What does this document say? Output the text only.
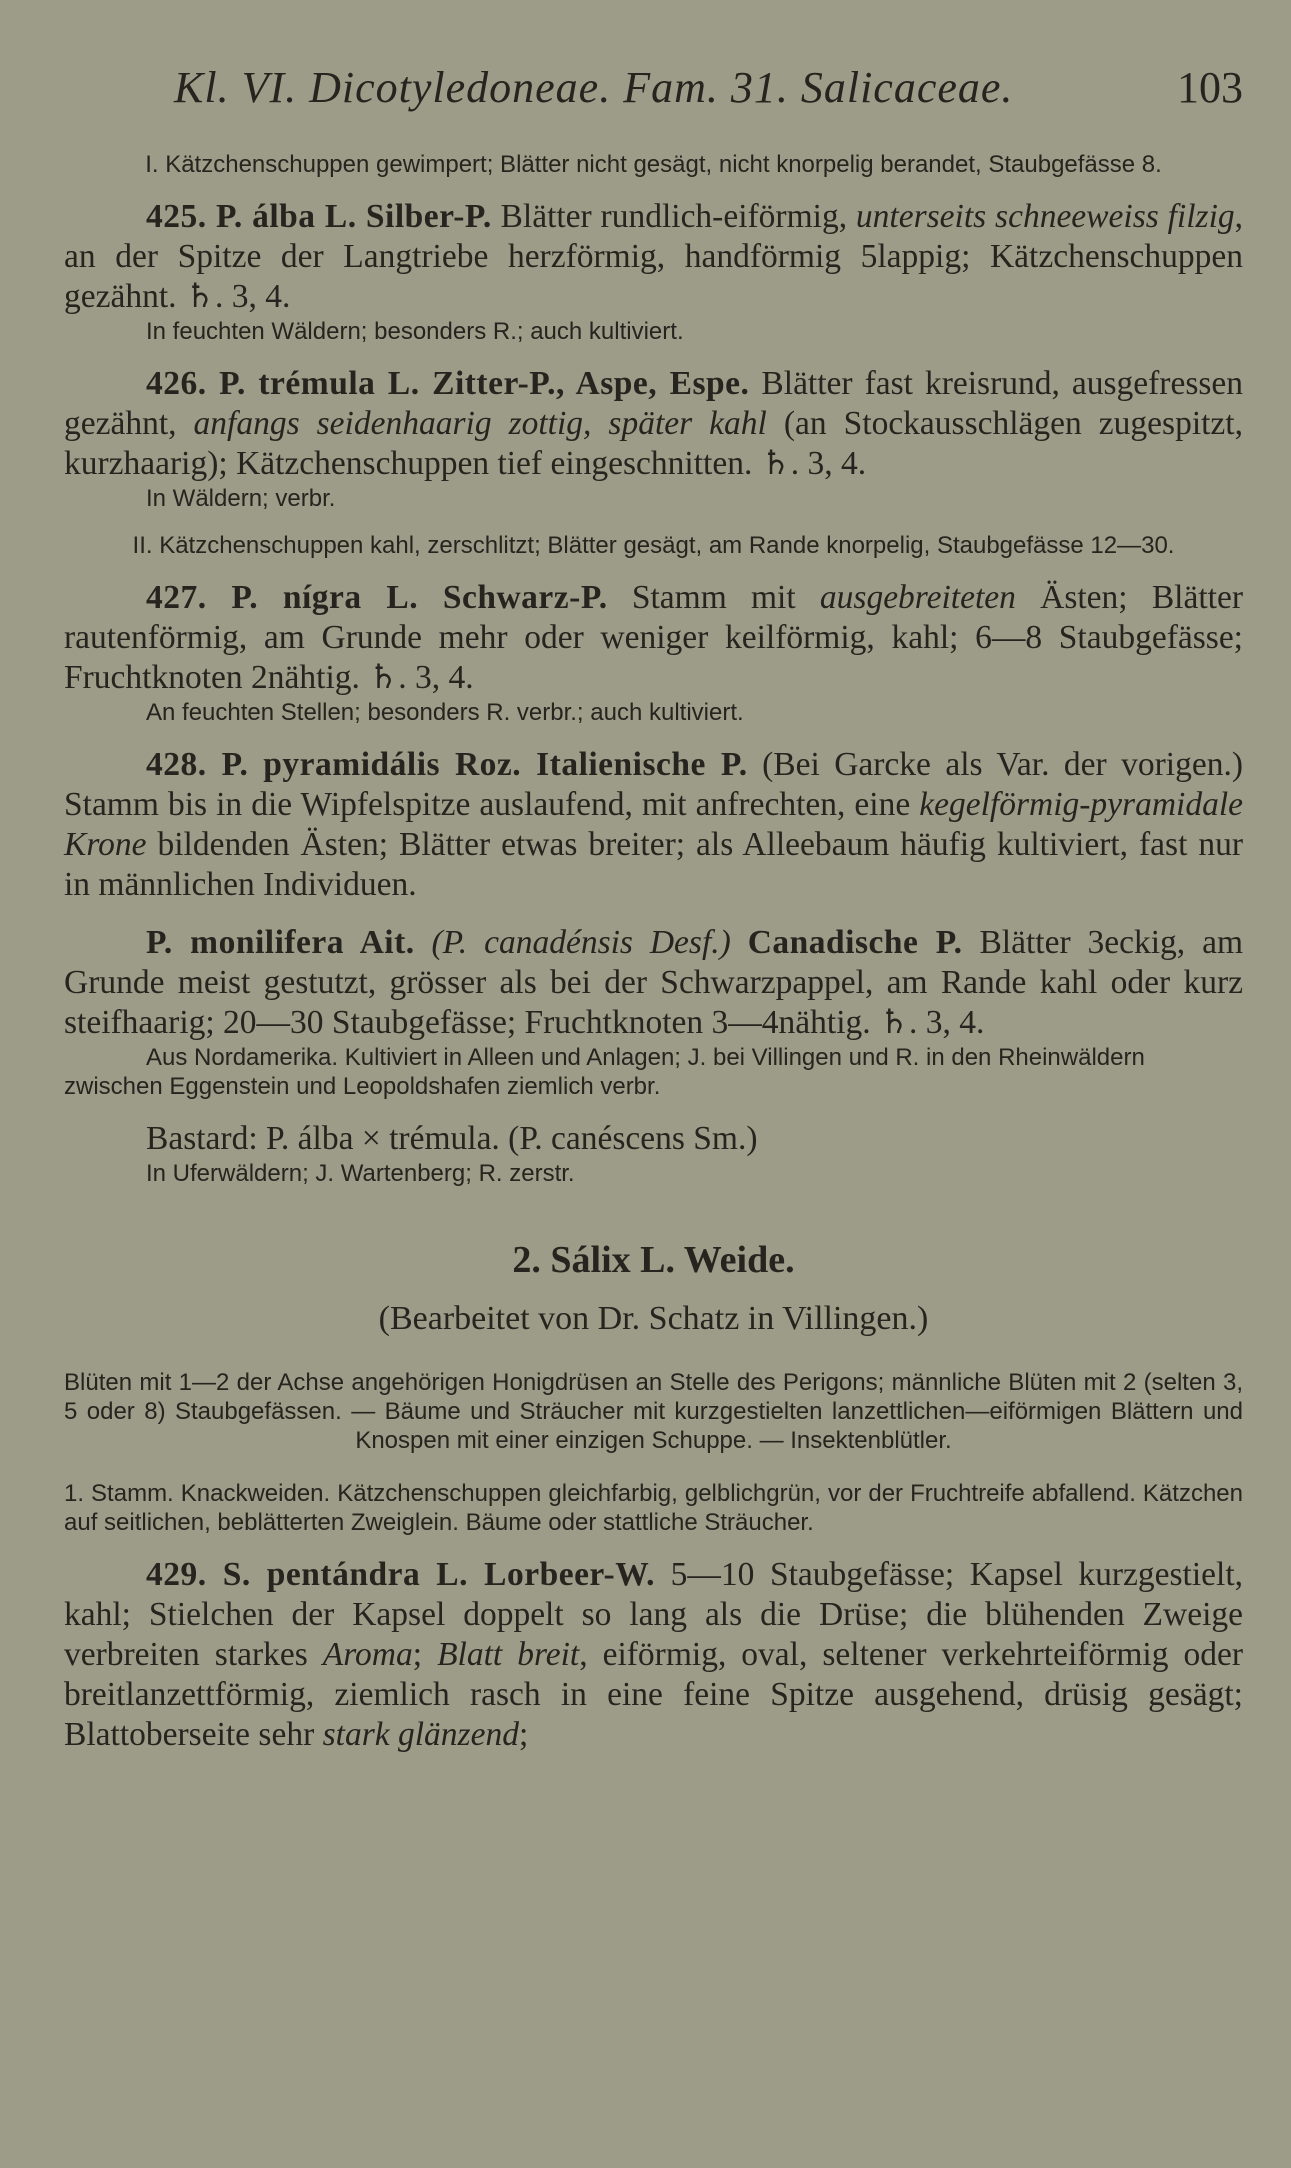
Kl. VI. Dicotyledoneae. Fam. 31. Salicaceae.	103
I. Kätzchenschuppen gewimpert; Blätter nicht gesägt, nicht knorpelig berandet, Staubgefässe 8.
425. P. álba L. Silber-P. Blätter rundlich-eiförmig, unterseits schneeweiss filzig, an der Spitze der Langtriebe herzförmig, handförmig 5lappig; Kätzchenschuppen gezähnt. ♄. 3, 4.
In feuchten Wäldern; besonders R.; auch kultiviert.
426. P. trémula L. Zitter-P., Aspe, Espe. Blätter fast kreisrund, ausgefressen gezähnt, anfangs seidenhaarig zottig, später kahl (an Stockausschlägen zugespitzt, kurzhaarig); Kätzchenschuppen tief eingeschnitten. ♄. 3, 4.
In Wäldern; verbr.
II. Kätzchenschuppen kahl, zerschlitzt; Blätter gesägt, am Rande knorpelig, Staubgefässe 12—30.
427. P. nígra L. Schwarz-P. Stamm mit ausgebreiteten Ästen; Blätter rautenförmig, am Grunde mehr oder weniger keilförmig, kahl; 6—8 Staubgefässe; Fruchtknoten 2nähtig. ♄. 3, 4.
An feuchten Stellen; besonders R. verbr.; auch kultiviert.
428. P. pyramidális Roz. Italienische P. (Bei Garcke als Var. der vorigen.) Stamm bis in die Wipfelspitze auslaufend, mit anfrechten, eine kegelförmig-pyramidale Krone bildenden Ästen; Blätter etwas breiter; als Alleebaum häufig kultiviert, fast nur in männlichen Individuen.
P. monilifera Ait. (P. canadénsis Desf.) Canadische P. Blätter 3eckig, am Grunde meist gestutzt, grösser als bei der Schwarzpappel, am Rande kahl oder kurz steifhaarig; 20—30 Staubgefässe; Fruchtknoten 3—4nähtig. ♄. 3, 4.
Aus Nordamerika. Kultiviert in Alleen und Anlagen; J. bei Villingen und R. in den Rheinwäldern zwischen Eggenstein und Leopoldshafen ziemlich verbr.
Bastard: P. álba × trémula. (P. canéscens Sm.)
In Uferwäldern; J. Wartenberg; R. zerstr.
2. Sálix L. Weide.
(Bearbeitet von Dr. Schatz in Villingen.)
Blüten mit 1—2 der Achse angehörigen Honigdrüsen an Stelle des Perigons; männliche Blüten mit 2 (selten 3, 5 oder 8) Staubgefässen. — Bäume und Sträucher mit kurzgestielten lanzettlichen—eiförmigen Blättern und Knospen mit einer einzigen Schuppe. — Insektenblütler.
1. Stamm. Knackweiden. Kätzchenschuppen gleichfarbig, gelblichgrün, vor der Fruchtreife abfallend. Kätzchen auf seitlichen, beblätterten Zweiglein. Bäume oder stattliche Sträucher.
429. S. pentándra L. Lorbeer-W. 5—10 Staubgefässe; Kapsel kurzgestielt, kahl; Stielchen der Kapsel doppelt so lang als die Drüse; die blühenden Zweige verbreiten starkes Aroma; Blatt breit, eiförmig, oval, seltener verkehrteiförmig oder breitlanzettförmig, ziemlich rasch in eine feine Spitze ausgehend, drüsig gesägt; Blattoberseite sehr stark glänzend;
